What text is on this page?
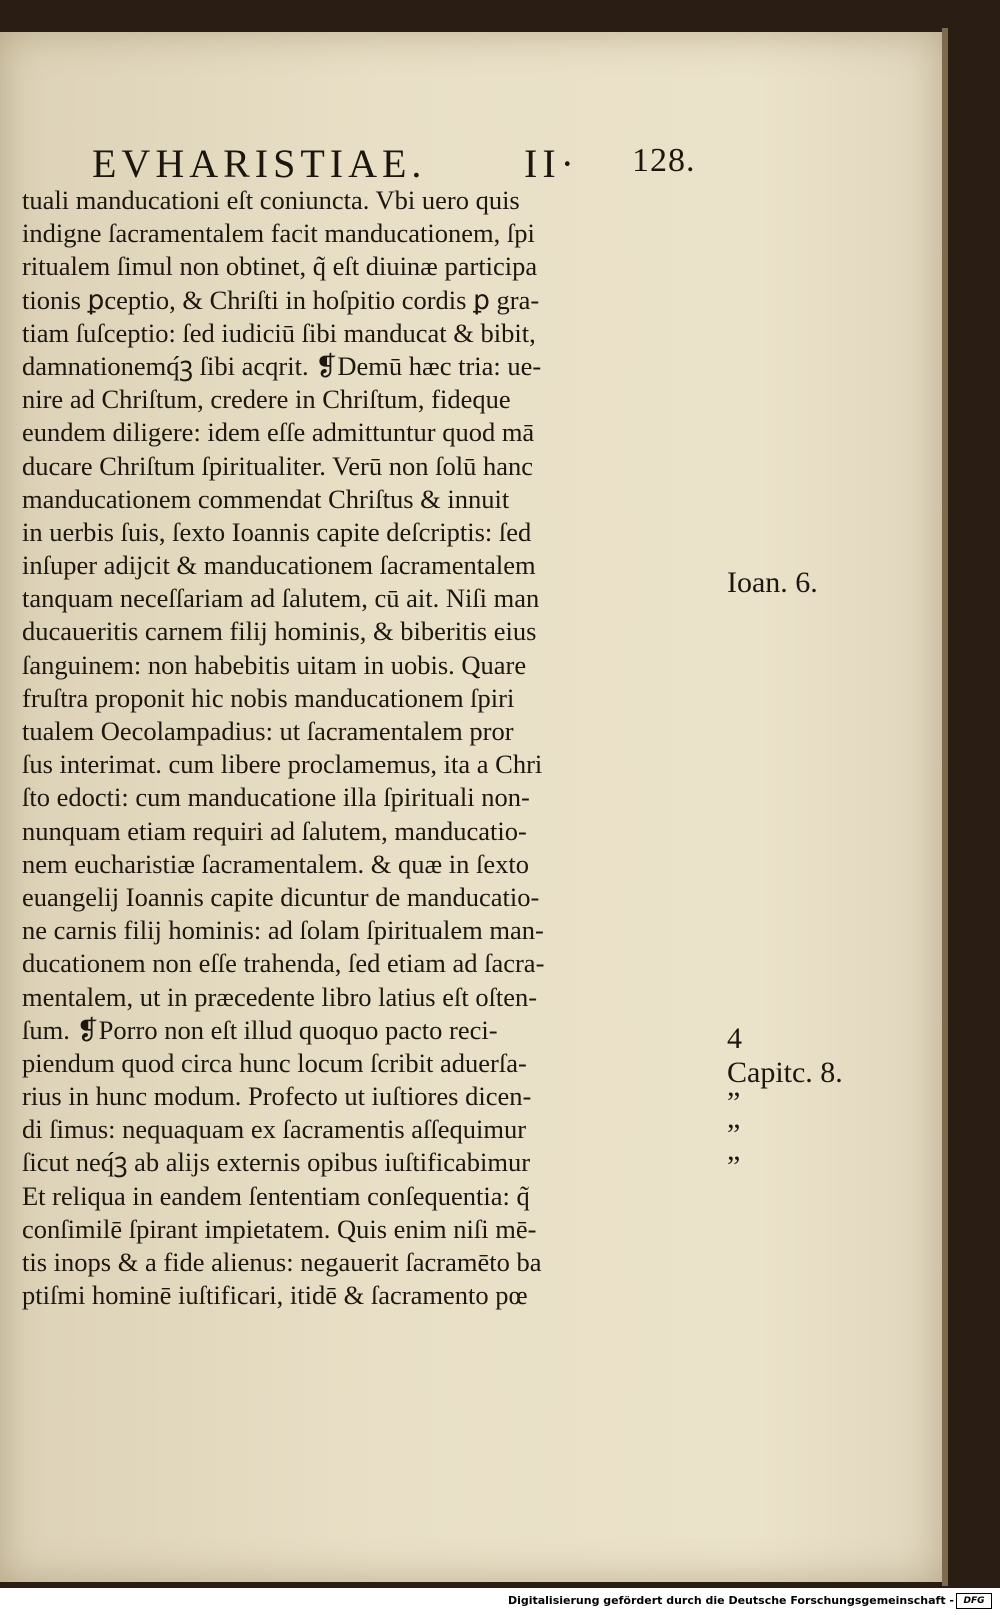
EVHARISTIAE. II· 128.
tuali manducationi eſt coniuncta. Vbi uero quis
indigne ſacramentalem facit manducationem, ſpi
ritualem ſimul non obtinet, q̃ eſt diuinæ participa
tionis ꝑceptio, & Chriſti in hoſpitio cordis ꝑ gra-
tiam ſuſceptio: ſed iudiciū ſibi manducat & bibit,
damnationemq́ꝫ ſibi acqrit. ❡Demū hæc tria: ue-
nire ad Chriſtum, credere in Chriſtum, fideque
eundem diligere: idem eſſe admittuntur quod mā
ducare Chriſtum ſpiritualiter. Verū non ſolū hanc
manducationem commendat Chriſtus & innuit
in uerbis ſuis, ſexto Ioannis capite deſcriptis: ſed
inſuper adijcit & manducationem ſacramentalem
tanquam neceſſariam ad ſalutem, cū ait. Niſi man
ducaueritis carnem filij hominis, & biberitis eius
ſanguinem: non habebitis uitam in uobis. Quare
fruſtra proponit hic nobis manducationem ſpiri
tualem Oecolampadius: ut ſacramentalem pror
ſus interimat. cum libere proclamemus, ita a Chri
ſto edocti: cum manducatione illa ſpirituali non-
nunquam etiam requiri ad ſalutem, manducatio-
nem eucharistiæ ſacramentalem. & quæ in ſexto
euangelij Ioannis capite dicuntur de manducatio-
ne carnis filij hominis: ad ſolam ſpiritualem man-
ducationem non eſſe trahenda, ſed etiam ad ſacra-
mentalem, ut in præcedente libro latius eſt oſten-
ſum. ❡Porro non eſt illud quoquo pacto reci-
piendum quod circa hunc locum ſcribit aduerſa-
rius in hunc modum. Profecto ut iuſtiores dicen-
di ſimus: nequaquam ex ſacramentis aſſequimur
ſicut neq́ꝫ ab alijs externis opibus iuſtificabimur
Et reliqua in eandem ſententiam conſequentia: q̃
conſimilē ſpirant impietatem. Quis enim niſi mē-
tis inops & a fide alienus: negauerit ſacramēto ba
ptiſmi hominē iuſtificari, itidē & ſacramento pœ
Ioan. 6.
4
Capitc. 8.
”
”
”
Digitalisierung gefördert durch die Deutsche Forschungsgemeinschaft -	DFG
